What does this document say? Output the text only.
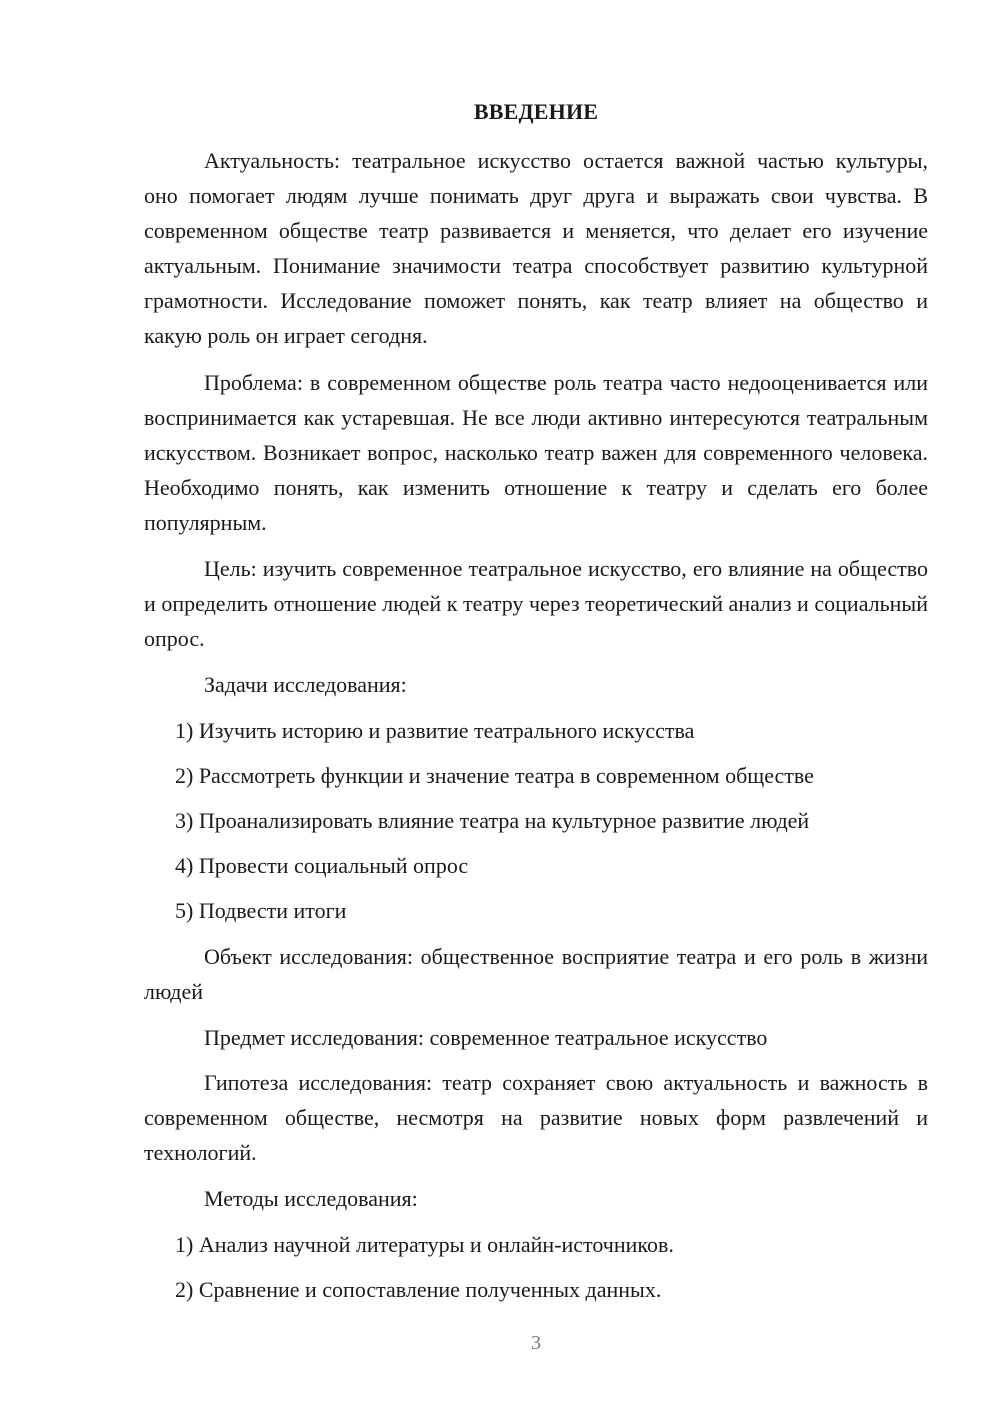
ВВЕДЕНИЕ

Актуальность: театральное искусство остается важной частью культуры, оно помогает людям лучше понимать друг друга и выражать свои чувства. В современном обществе театр развивается и меняется, что делает его изучение актуальным. Понимание значимости театра способствует развитию культурной грамотности. Исследование поможет понять, как театр влияет на общество и какую роль он играет сегодня.

Проблема: в современном обществе роль театра часто недооценивается или воспринимается как устаревшая. Не все люди активно интересуются театральным искусством. Возникает вопрос, насколько театр важен для современного человека. Необходимо понять, как изменить отношение к театру и сделать его более популярным.

Цель: изучить современное театральное искусство, его влияние на общество и определить отношение людей к театру через теоретический анализ и социальный опрос.

Задачи исследования:

1) Изучить историю и развитие театрального искусства

2) Рассмотреть функции и значение театра в современном обществе

3) Проанализировать влияние театра на культурное развитие людей

4) Провести социальный опрос

5) Подвести итоги

Объект исследования: общественное восприятие театра и его роль в жизни людей

Предмет исследования: современное театральное искусство

Гипотеза исследования: театр сохраняет свою актуальность и важность в современном обществе, несмотря на развитие новых форм развлечений и технологий.

Методы исследования:

1) Анализ научной литературы и онлайн-источников.

2) Сравнение и сопоставление полученных данных.

3
